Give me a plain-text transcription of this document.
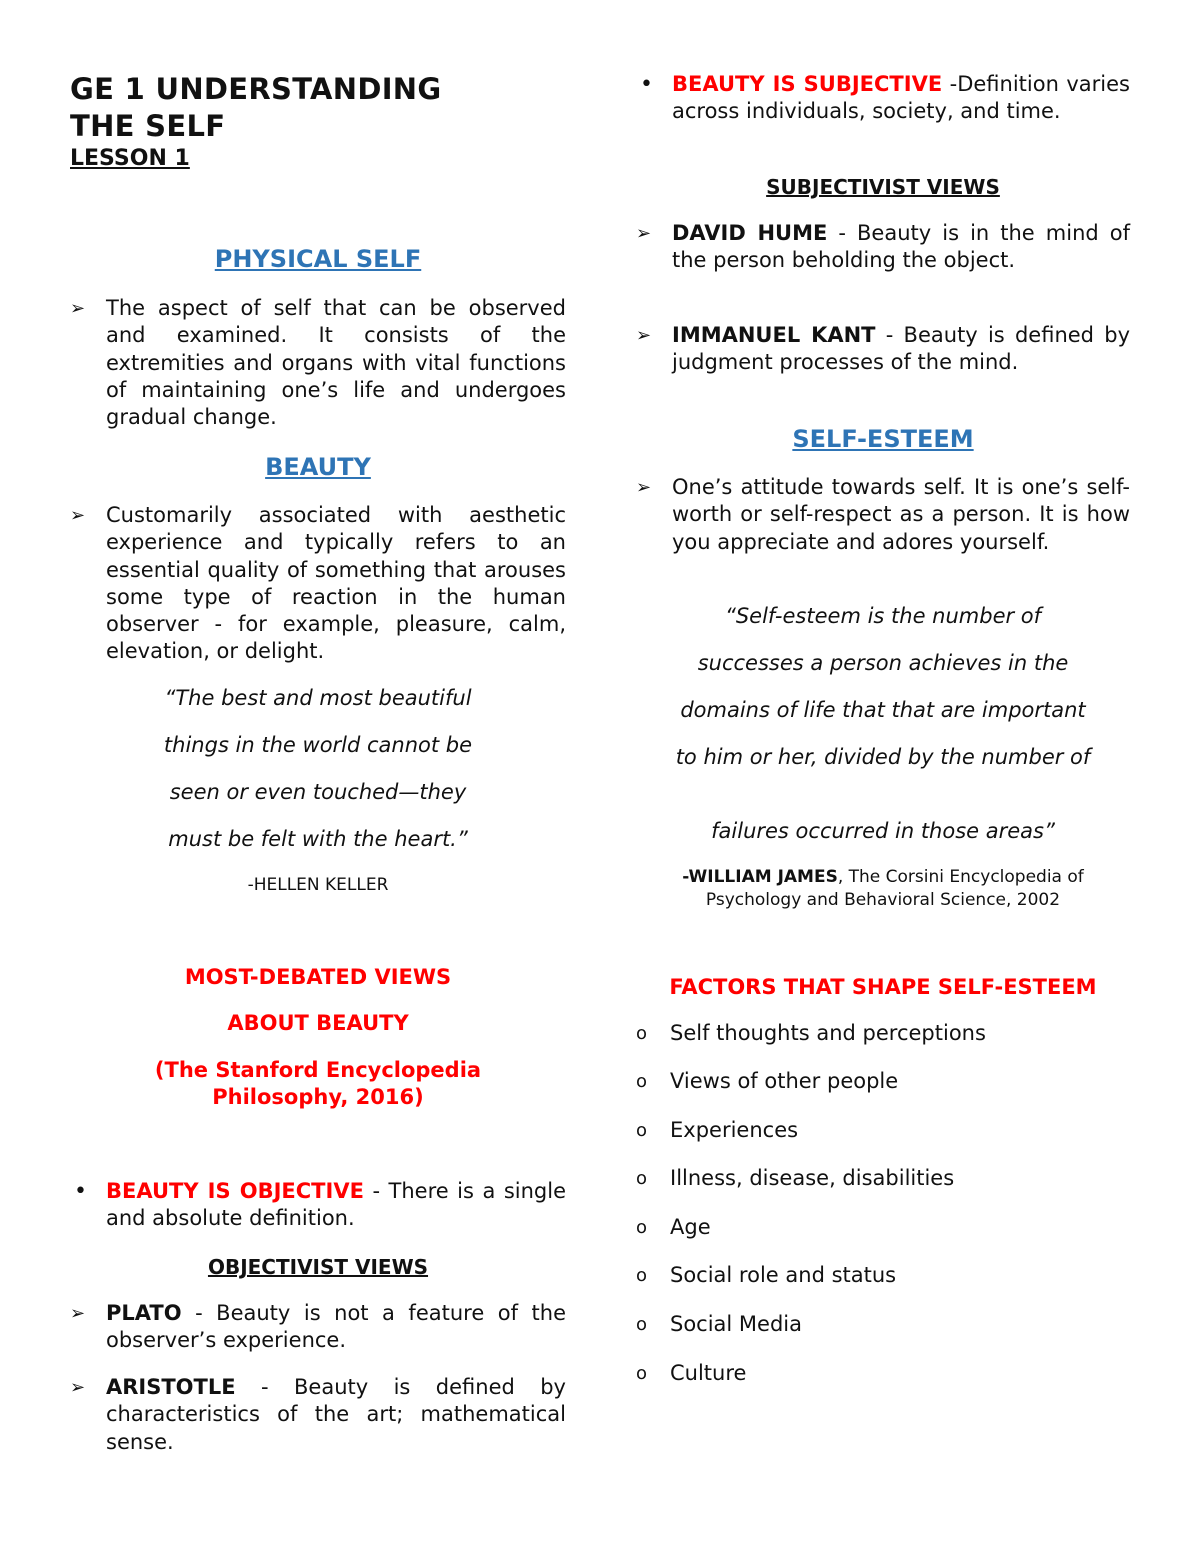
GE 1 UNDERSTANDING
THE SELF
LESSON 1
PHYSICAL SELF
➢ The aspect of self that can be observed and examined. It consists of the extremities and organs with vital functions of maintaining one’s life and undergoes gradual change.
BEAUTY
➢ Customarily associated with aesthetic experience and typically refers to an essential quality of something that arouses some type of reaction in the human observer - for example, pleasure, calm, elevation, or delight.
“The best and most beautiful
things in the world cannot be
seen or even touched—they
must be felt with the heart.”
-HELLEN KELLER
MOST-DEBATED VIEWS
ABOUT BEAUTY
(The Stanford Encyclopedia
Philosophy, 2016)
• BEAUTY IS OBJECTIVE - There is a single and absolute definition.
OBJECTIVIST VIEWS
➢ PLATO - Beauty is not a feature of the observer’s experience.
➢ ARISTOTLE - Beauty is defined by characteristics of the art; mathematical sense.
• BEAUTY IS SUBJECTIVE -Definition varies across individuals, society, and time.
SUBJECTIVIST VIEWS
➢ DAVID HUME - Beauty is in the mind of the person beholding the object.
➢ IMMANUEL KANT - Beauty is defined by judgment processes of the mind.
SELF-ESTEEM
➢ One’s attitude towards self. It is one’s self-worth or self-respect as a person. It is how you appreciate and adores yourself.
“Self-esteem is the number of
successes a person achieves in the
domains of life that that are important
to him or her, divided by the number of
failures occurred in those areas”
-WILLIAM JAMES, The Corsini Encyclopedia of
Psychology and Behavioral Science, 2002
FACTORS THAT SHAPE SELF-ESTEEM
o Self thoughts and perceptions
o Views of other people
o Experiences
o Illness, disease, disabilities
o Age
o Social role and status
o Social Media
o Culture
